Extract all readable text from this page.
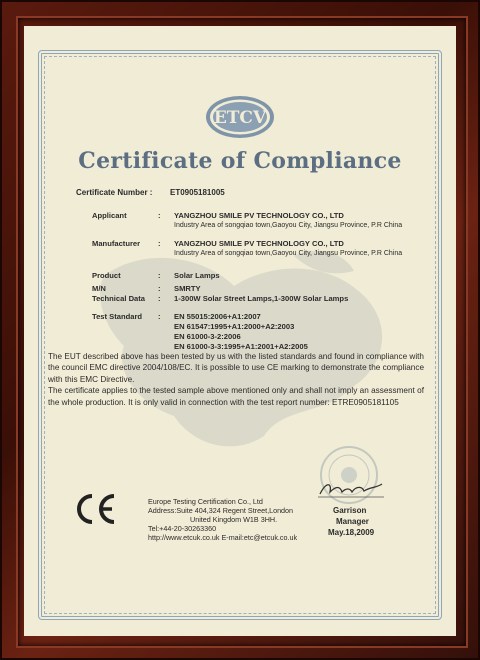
ETCV
Certificate of Compliance
Certificate Number : ET0905181005
Applicant	: YANGZHOU SMILE PV TECHNOLOGY CO., LTD
Industry Area of songqiao town,Gaoyou City, Jiangsu Province, P.R China
Manufacturer : YANGZHOU SMILE PV TECHNOLOGY CO., LTD
Industry Area of songqiao town,Gaoyou City, Jiangsu Province, P.R China
Product	: Solar Lamps
M/N	: SMRTY
Technical Data : 1-300W Solar Street Lamps,1-300W Solar Lamps
Test Standard : EN 55015:2006+A1:2007
EN 61547:1995+A1:2000+A2:2003
EN 61000-3-2:2006
EN 61000-3-3:1995+A1:2001+A2:2005

The EUT described above has been tested by us with the listed standards and found in compliance with the council EMC directive 2004/108/EC. It is possible to use CE marking to demonstrate the compliance with this EMC Directive.

The certificate applies to the tested sample above mentioned only and shall not imply an assessment of the whole production. It is only valid in connection with the test report number: ETRE0905181105

Europe Testing Certification Co., Ltd
Address:Suite 404,324 Regent Street,London
United Kingdom W1B 3HH.
Tel:+44-20-30263360
http://www.etcuk.co.uk E-mail:etc@etcuk.co.uk
Garrison
Manager
May.18,2009
